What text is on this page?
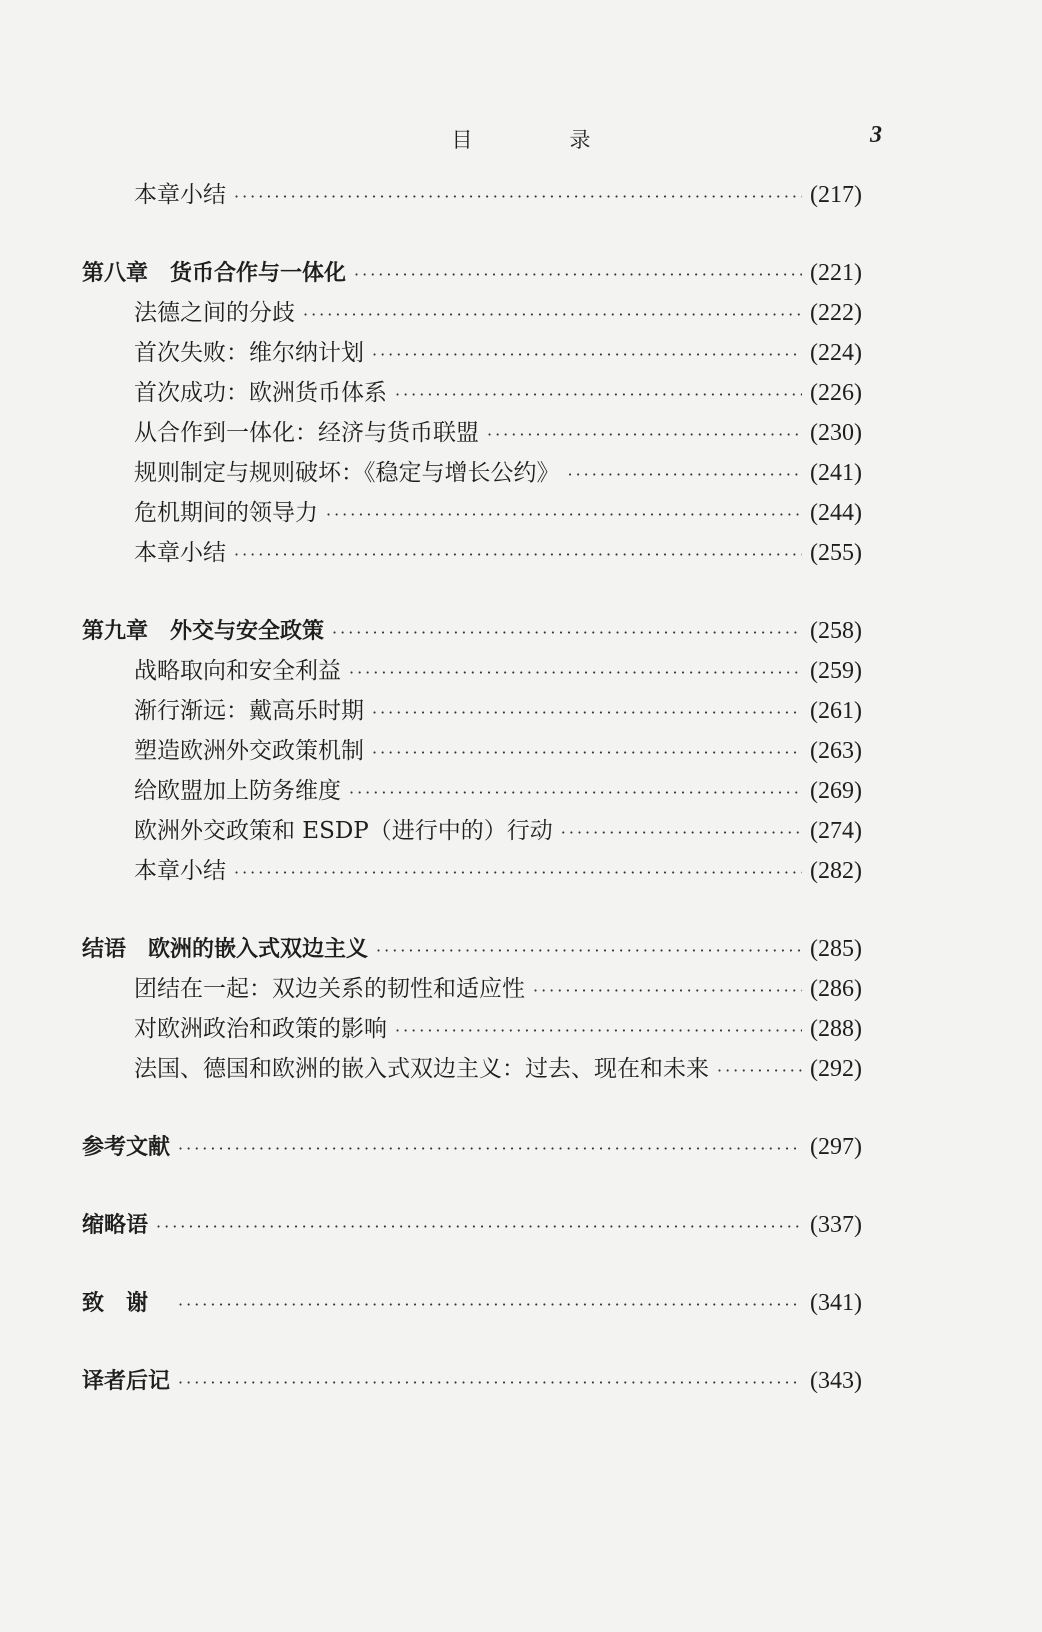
目　录	3
本章小结 ·····	(217)
第八章 货币合作与一体化 ·····	(221)
法德之间的分歧 ·····	(222)
首次失败：维尔纳计划 ·····	(224)
首次成功：欧洲货币体系 ·····	(226)
从合作到一体化：经济与货币联盟 ·····	(230)
规则制定与规则破坏：《稳定与增长公约》 ·····	(241)
危机期间的领导力 ·····	(244)
本章小结 ·····	(255)
第九章 外交与安全政策 ·····	(258)
战略取向和安全利益 ·····	(259)
渐行渐远：戴高乐时期 ·····	(261)
塑造欧洲外交政策机制 ·····	(263)
给欧盟加上防务维度 ·····	(269)
欧洲外交政策和 ESDP（进行中的）行动 ·····	(274)
本章小结 ·····	(282)
结语 欧洲的嵌入式双边主义 ·····	(285)
团结在一起：双边关系的韧性和适应性 ·····	(286)
对欧洲政治和政策的影响 ·····	(288)
法国、德国和欧洲的嵌入式双边主义：过去、现在和未来 ·····	(292)
参考文献 ·····	(297)
缩略语 ·····	(337)
致谢 ·····	(341)
译者后记 ·····	(343)
